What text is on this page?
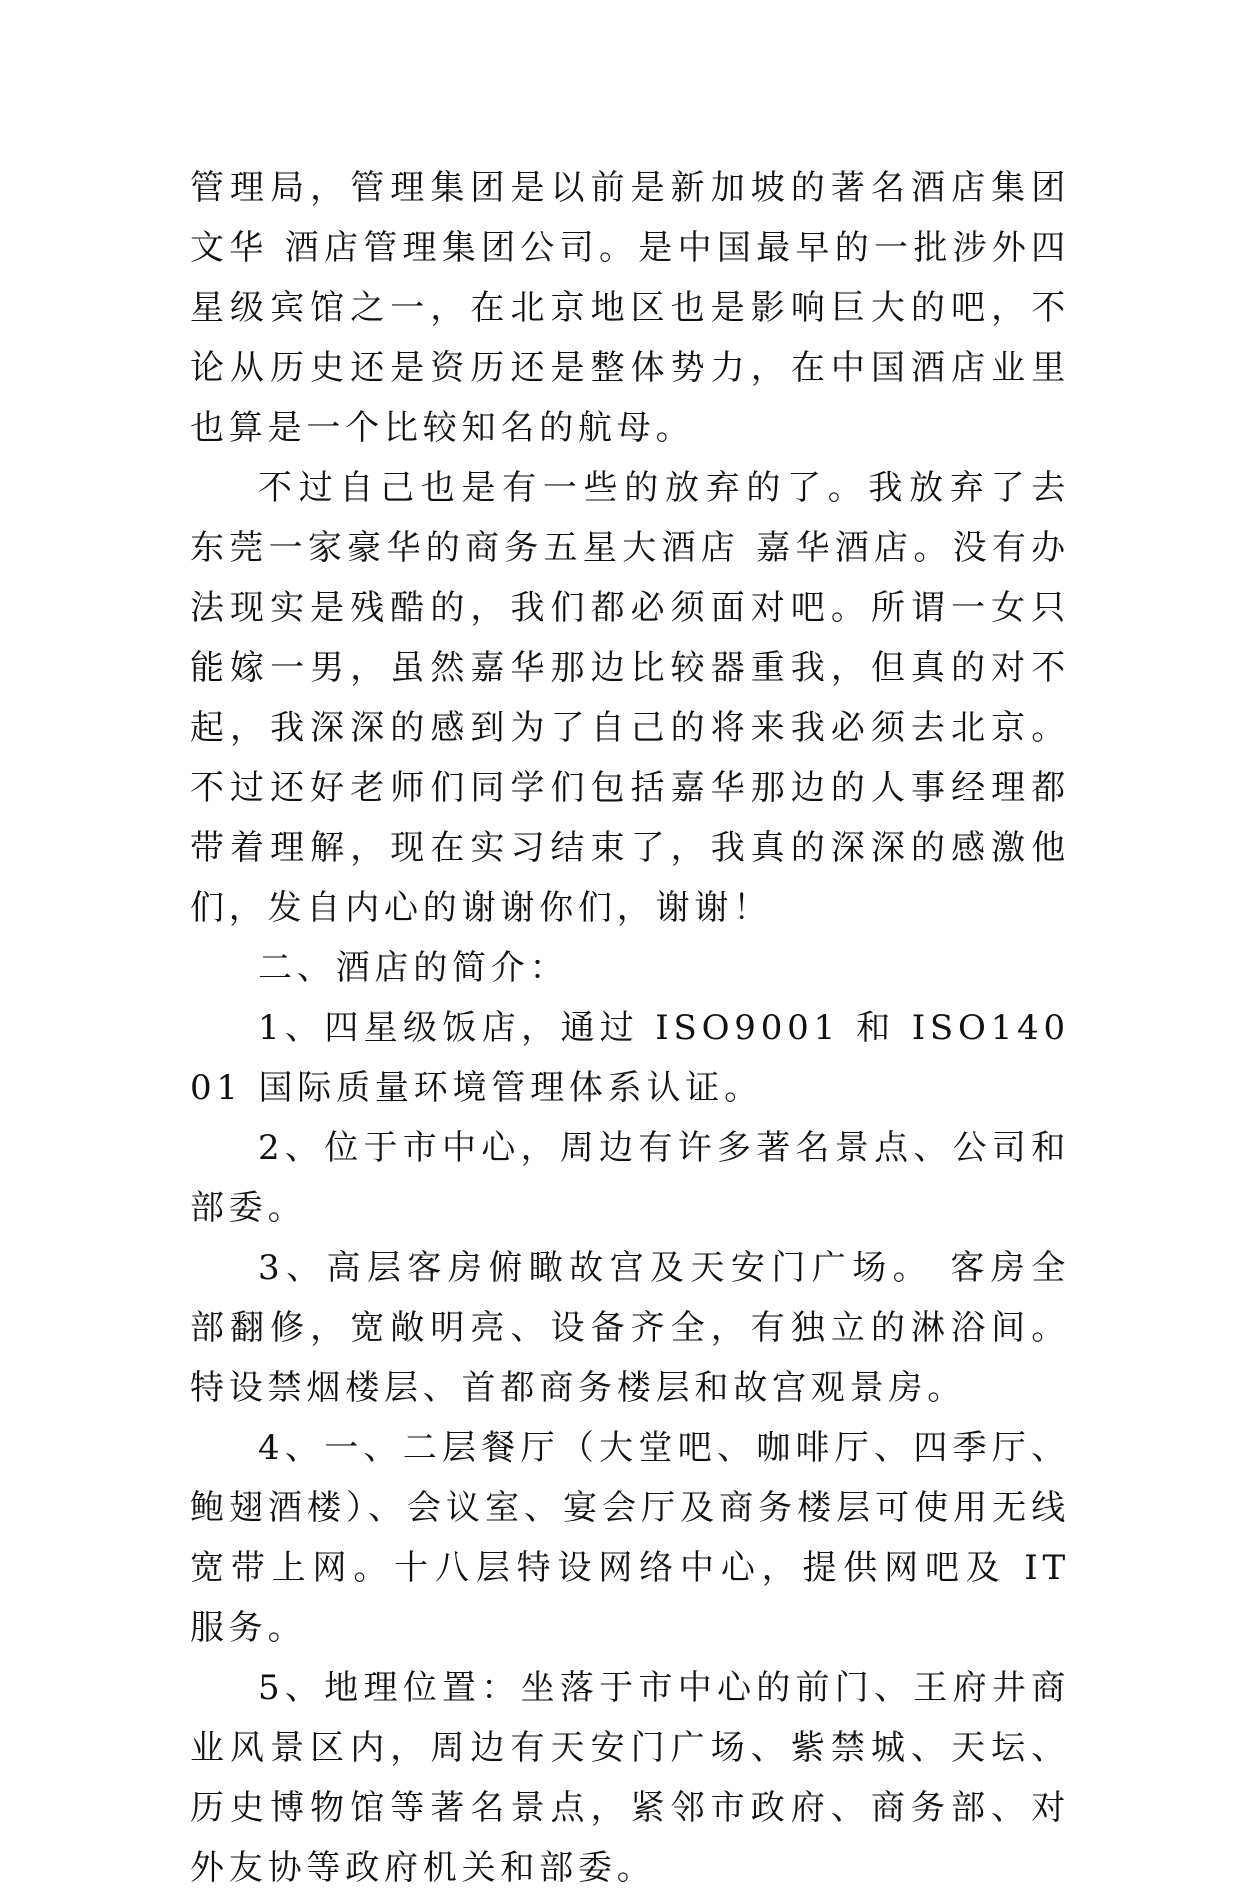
管理局，管理集团是以前是新加坡的著名酒店集团 文华 酒店管理集团公司。是中国最早的一批涉外四星级宾馆之一，在北京地区也是影响巨大的吧，不论从历史还是资历还是整体势力，在中国酒店业里也算是一个比较知名的航母。

不过自己也是有一些的放弃的了。我放弃了去东莞一家豪华的商务五星大酒店 嘉华酒店。没有办法现实是残酷的，我们都必须面对吧。所谓一女只能嫁一男，虽然嘉华那边比较器重我，但真的对不起，我深深的感到为了自己的将来我必须去北京。不过还好老师们同学们包括嘉华那边的人事经理都带着理解，现在实习结束了，我真的深深的感激他们，发自内心的谢谢你们，谢谢！

二、酒店的简介：

1、四星级饭店，通过 ISO9001 和 ISO14001 国际质量环境管理体系认证。

2、位于市中心，周边有许多著名景点、公司和部委。

3、高层客房俯瞰故宫及天安门广场。 客房全部翻修，宽敞明亮、设备齐全，有独立的淋浴间。 特设禁烟楼层、首都商务楼层和故宫观景房。

4、一、二层餐厅（大堂吧、咖啡厅、四季厅、鲍翅酒楼）、会议室、宴会厅及商务楼层可使用无线宽带上网。十八层特设网络中心，提供网吧及 IT 服务。

5、地理位置：坐落于市中心的前门、王府井商业风景区内，周边有天安门广场、紫禁城、天坛、历史博物馆等著名景点，紧邻市政府、商务部、对外友协等政府机关和部委。
